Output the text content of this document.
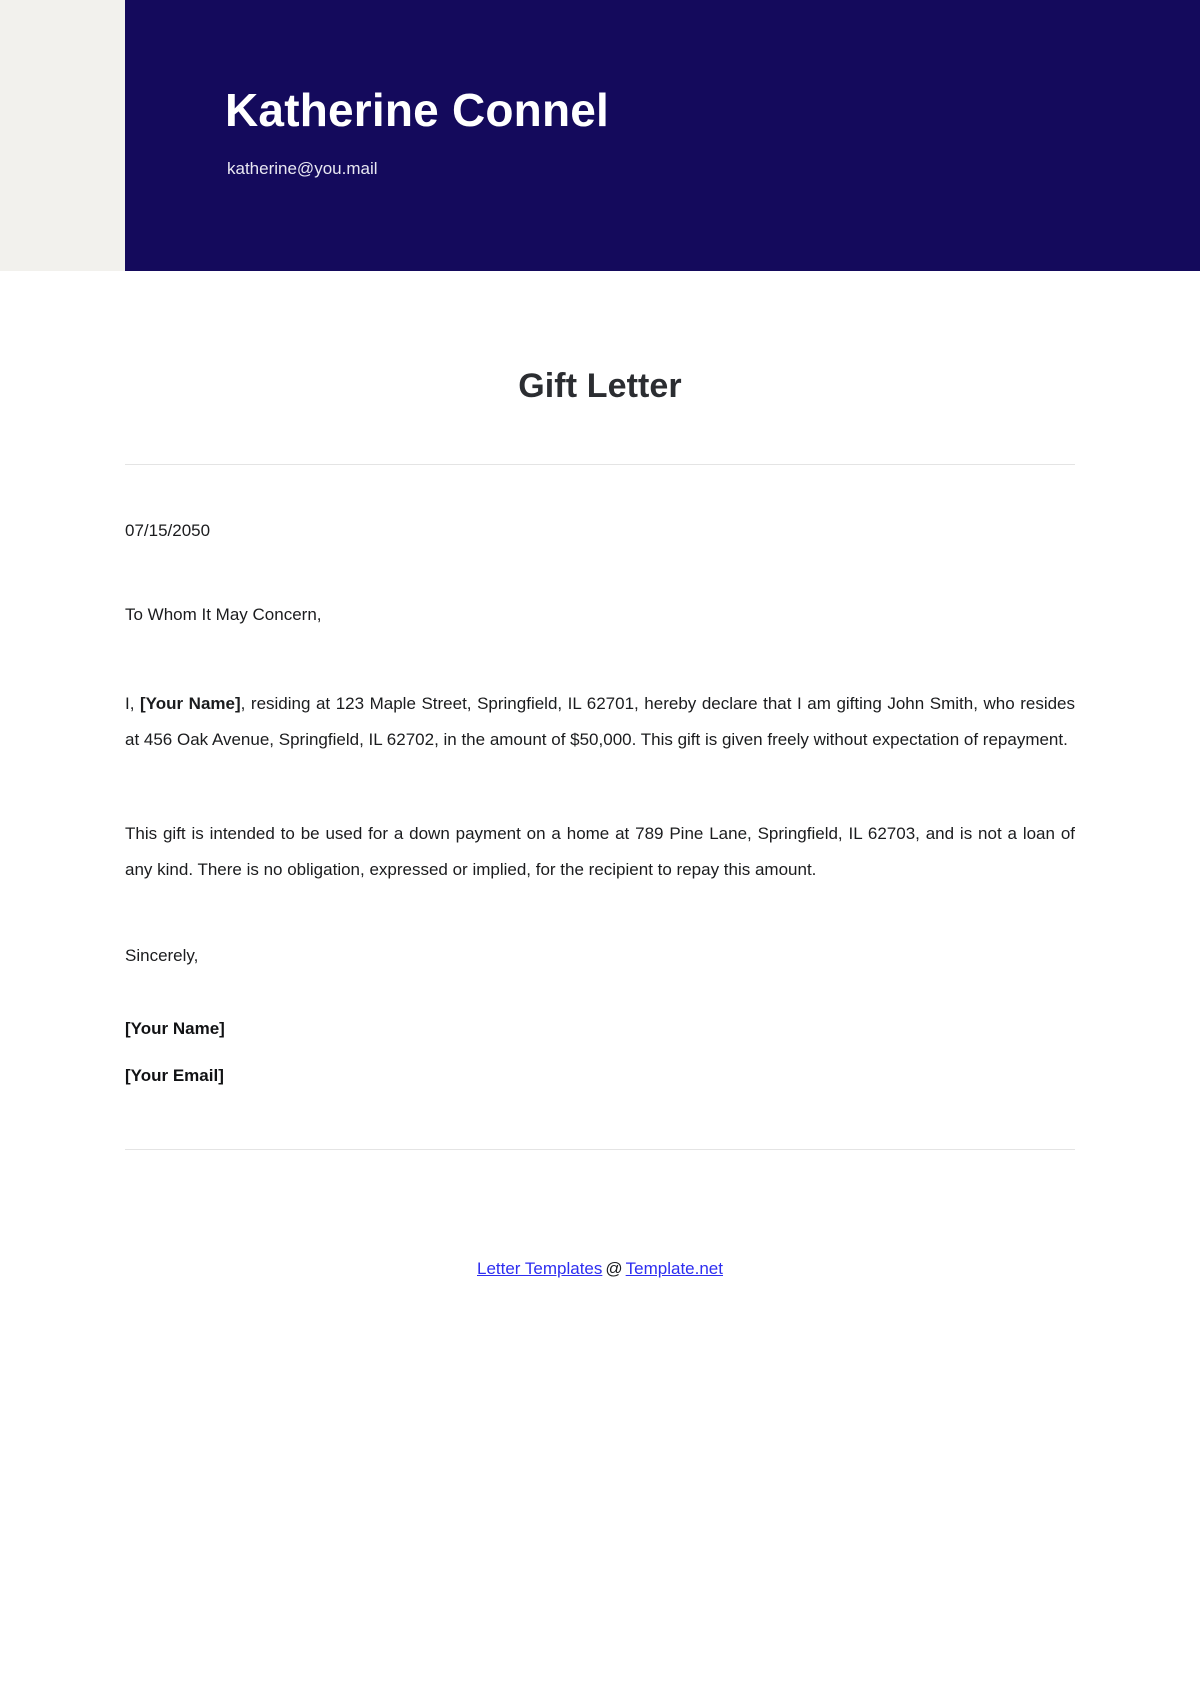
Katherine Connel

katherine@you.mail

Gift Letter

07/15/2050

To Whom It May Concern,

I, [Your Name], residing at 123 Maple Street, Springfield, IL 62701, hereby declare that I am gifting John Smith, who resides at 456 Oak Avenue, Springfield, IL 62702, in the amount of $50,000. This gift is given freely without expectation of repayment.

This gift is intended to be used for a down payment on a home at 789 Pine Lane, Springfield, IL 62703, and is not a loan of any kind. There is no obligation, expressed or implied, for the recipient to repay this amount.

Sincerely,

[Your Name]

[Your Email]

Letter Templates @ Template.net
